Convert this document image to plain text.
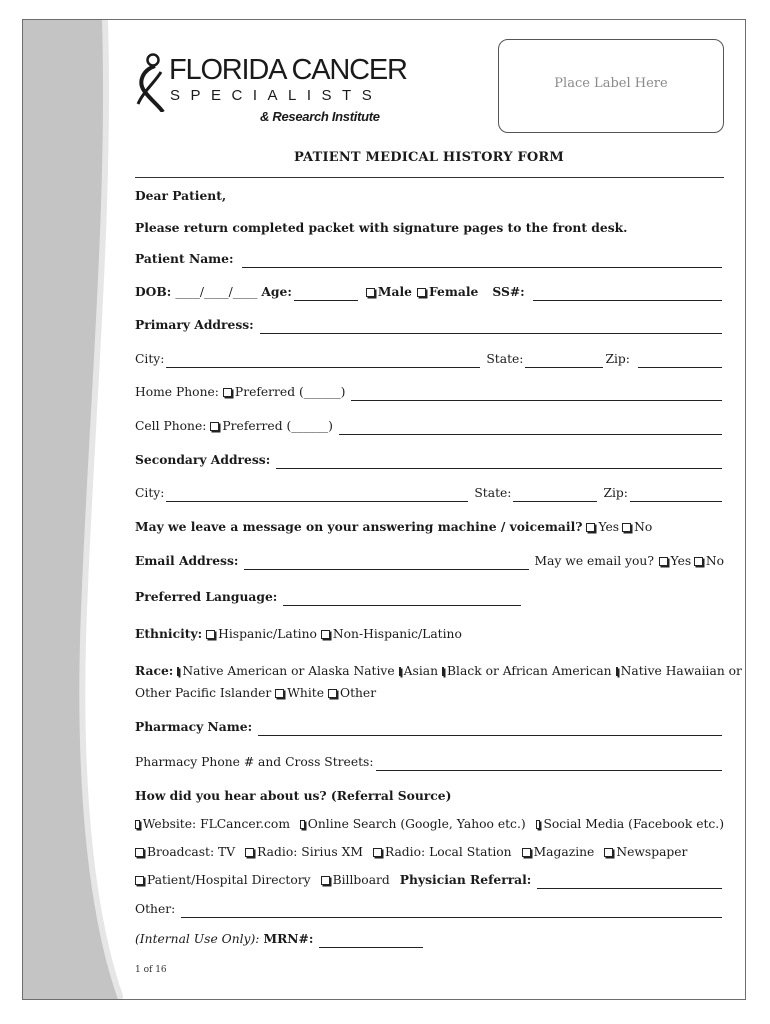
FLORIDA CANCER
SPECIALISTS
& Research Institute
Place Label Here
PATIENT MEDICAL HISTORY FORM
Dear Patient,
Please return completed packet with signature pages to the front desk.
Patient Name:
DOB: ____/____/____ Age:	Male Female SS#:
Primary Address:
City:	State:	Zip:
Home Phone: Preferred (______)
Cell Phone: Preferred (______)
Secondary Address:
City:	State:	Zip:
May we leave a message on your answering machine / voicemail? Yes No
Email Address:	May we email you? Yes No
Preferred Language:
Ethnicity: Hispanic/Latino Non-Hispanic/Latino
Race: Native American or Alaska Native Asian Black or African American Native Hawaiian or
Other Pacific Islander White Other
Pharmacy Name:
Pharmacy Phone # and Cross Streets:
How did you hear about us? (Referral Source)
Website: FLCancer.com Online Search (Google, Yahoo etc.) Social Media (Facebook etc.)
Broadcast: TV Radio: Sirius XM Radio: Local Station Magazine Newspaper
Patient/Hospital Directory Billboard Physician Referral:
Other:
(Internal Use Only): MRN#:
1 of 16
